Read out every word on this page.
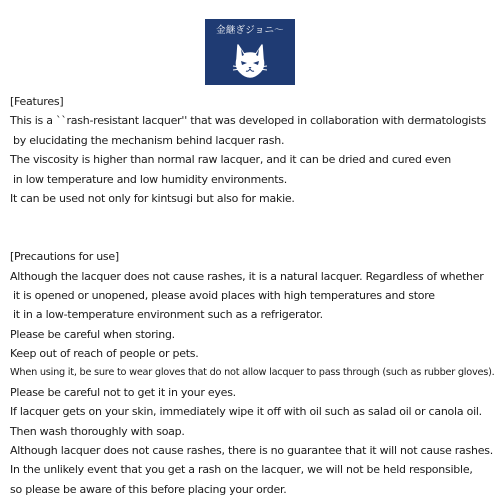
金継ぎジョニ〜
[Features]
This is a ``rash-resistant lacquer'' that was developed in collaboration with dermatologists
by elucidating the mechanism behind lacquer rash.
The viscosity is higher than normal raw lacquer, and it can be dried and cured even
in low temperature and low humidity environments.
It can be used not only for kintsugi but also for makie.
[Precautions for use]
Although the lacquer does not cause rashes, it is a natural lacquer. Regardless of whether
it is opened or unopened, please avoid places with high temperatures and store
it in a low-temperature environment such as a refrigerator.
Please be careful when storing.
Keep out of reach of people or pets.
When using it, be sure to wear gloves that do not allow lacquer to pass through (such as rubber gloves).
Please be careful not to get it in your eyes.
If lacquer gets on your skin, immediately wipe it off with oil such as salad oil or canola oil.
Then wash thoroughly with soap.
Although lacquer does not cause rashes, there is no guarantee that it will not cause rashes.
In the unlikely event that you get a rash on the lacquer, we will not be held responsible,
so please be aware of this before placing your order.
